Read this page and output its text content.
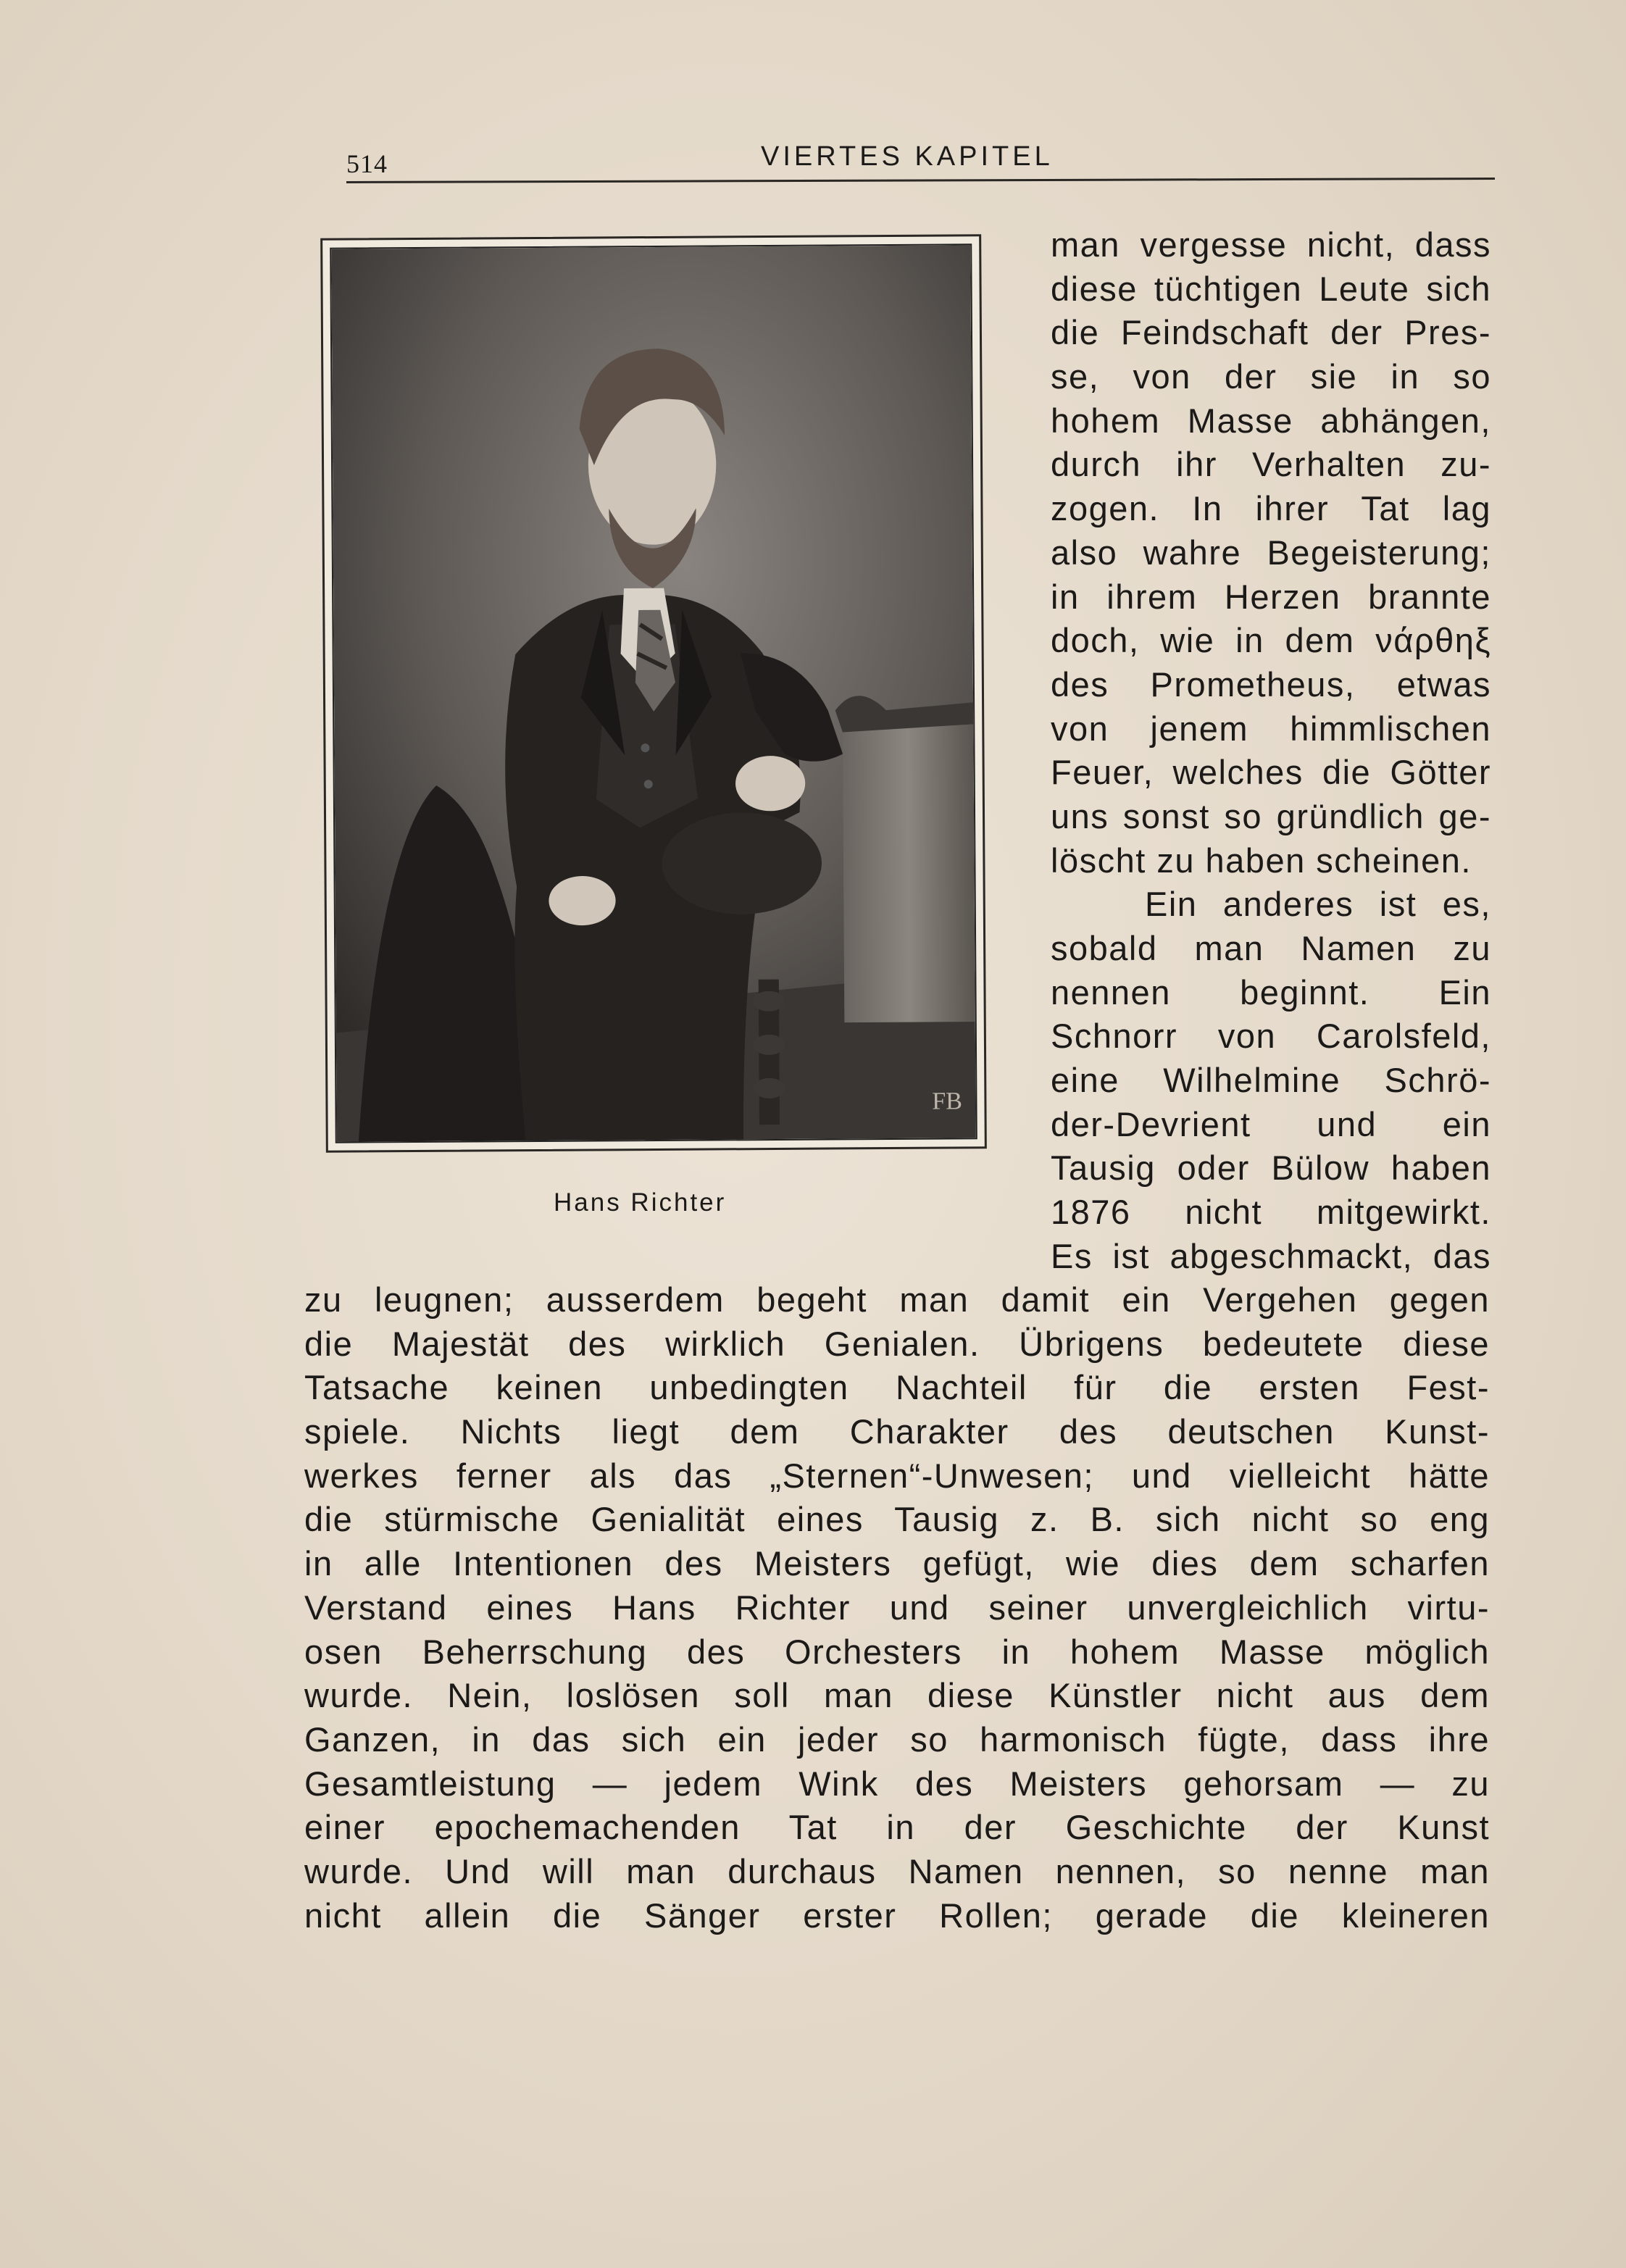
514	VIERTES KAPITEL
FB
Hans Richter
man vergesse nicht, dass
diese tüchtigen Leute sich
die Feindschaft der Pres-
se, von der sie in so
hohem Masse abhängen,
durch ihr Verhalten zu-
zogen. In ihrer Tat lag
also wahre Begeisterung;
in ihrem Herzen brannte
doch, wie in dem νάρθηξ
des Prometheus, etwas
von jenem himmlischen
Feuer, welches die Götter
uns sonst so gründlich ge-
löscht zu haben scheinen.
Ein anderes ist es,
sobald man Namen zu
nennen beginnt. Ein
Schnorr von Carolsfeld,
eine Wilhelmine Schrö-
der-Devrient und ein
Tausig oder Bülow haben
1876 nicht mitgewirkt.
Es ist abgeschmackt, das
zu leugnen; ausserdem begeht man damit ein Vergehen gegen
die Majestät des wirklich Genialen. Übrigens bedeutete diese
Tatsache keinen unbedingten Nachteil für die ersten Fest-
spiele. Nichts liegt dem Charakter des deutschen Kunst-
werkes ferner als das „Sternen“-Unwesen; und vielleicht hätte
die stürmische Genialität eines Tausig z. B. sich nicht so eng
in alle Intentionen des Meisters gefügt, wie dies dem scharfen
Verstand eines Hans Richter und seiner unvergleichlich virtu-
osen Beherrschung des Orchesters in hohem Masse möglich
wurde. Nein, loslösen soll man diese Künstler nicht aus dem
Ganzen, in das sich ein jeder so harmonisch fügte, dass ihre
Gesamtleistung — jedem Wink des Meisters gehorsam — zu
einer epochemachenden Tat in der Geschichte der Kunst
wurde. Und will man durchaus Namen nennen, so nenne man
nicht allein die Sänger erster Rollen; gerade die kleineren
